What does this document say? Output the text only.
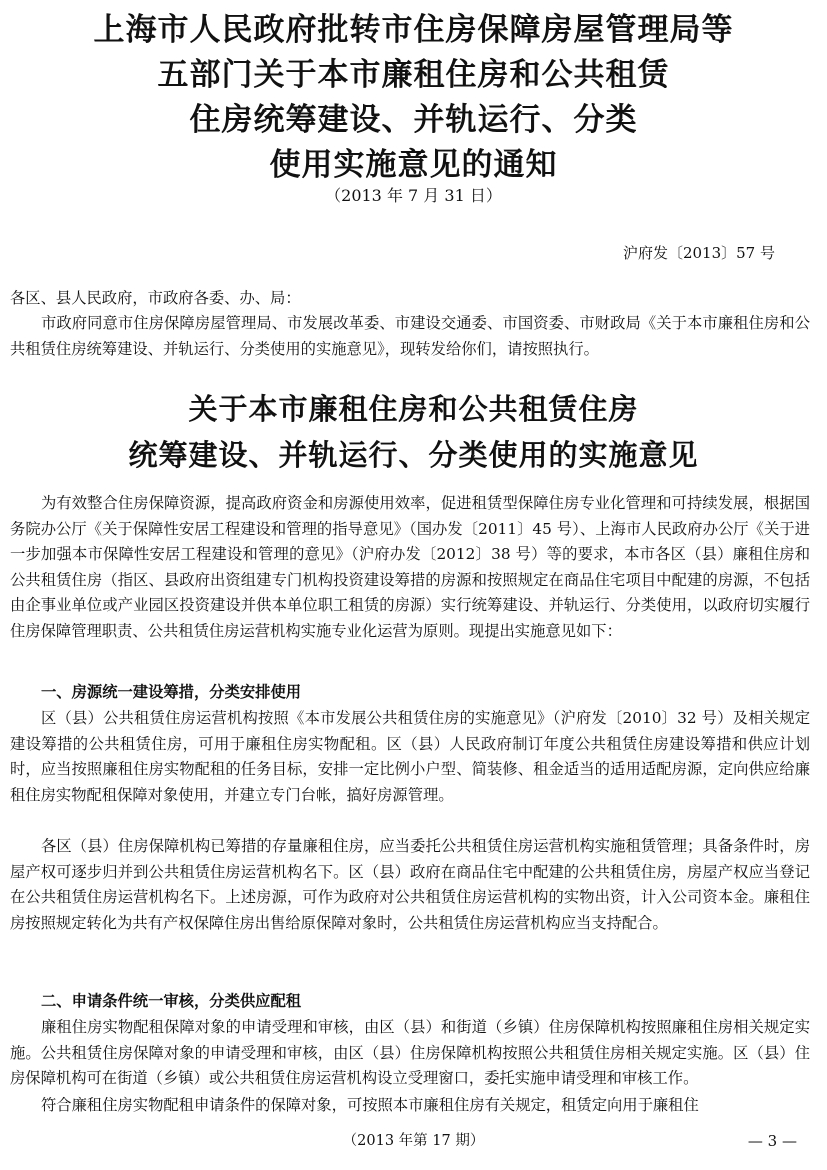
上海市人民政府批转市住房保障房屋管理局等
五部门关于本市廉租住房和公共租赁
住房统筹建设、并轨运行、分类
使用实施意见的通知
（2013 年 7 月 31 日）
沪府发〔2013〕57 号
各区、县人民政府，市政府各委、办、局：
市政府同意市住房保障房屋管理局、市发展改革委、市建设交通委、市国资委、市财政局《关于本市廉租住房和公共租赁住房统筹建设、并轨运行、分类使用的实施意见》，现转发给你们，请按照执行。
关于本市廉租住房和公共租赁住房
统筹建设、并轨运行、分类使用的实施意见
为有效整合住房保障资源，提高政府资金和房源使用效率，促进租赁型保障住房专业化管理和可持续发展，根据国务院办公厅《关于保障性安居工程建设和管理的指导意见》（国办发〔2011〕45 号）、上海市人民政府办公厅《关于进一步加强本市保障性安居工程建设和管理的意见》（沪府办发〔2012〕38 号）等的要求，本市各区（县）廉租住房和公共租赁住房（指区、县政府出资组建专门机构投资建设筹措的房源和按照规定在商品住宅项目中配建的房源，不包括由企事业单位或产业园区投资建设并供本单位职工租赁的房源）实行统筹建设、并轨运行、分类使用，以政府切实履行住房保障管理职责、公共租赁住房运营机构实施专业化运营为原则。现提出实施意见如下：
一、房源统一建设筹措，分类安排使用
区（县）公共租赁住房运营机构按照《本市发展公共租赁住房的实施意见》（沪府发〔2010〕32 号）及相关规定建设筹措的公共租赁住房，可用于廉租住房实物配租。区（县）人民政府制订年度公共租赁住房建设筹措和供应计划时，应当按照廉租住房实物配租的任务目标，安排一定比例小户型、简装修、租金适当的适用适配房源，定向供应给廉租住房实物配租保障对象使用，并建立专门台帐，搞好房源管理。
各区（县）住房保障机构已筹措的存量廉租住房，应当委托公共租赁住房运营机构实施租赁管理；具备条件时，房屋产权可逐步归并到公共租赁住房运营机构名下。区（县）政府在商品住宅中配建的公共租赁住房，房屋产权应当登记在公共租赁住房运营机构名下。上述房源，可作为政府对公共租赁住房运营机构的实物出资，计入公司资本金。廉租住房按照规定转化为共有产权保障住房出售给原保障对象时，公共租赁住房运营机构应当支持配合。
二、申请条件统一审核，分类供应配租
廉租住房实物配租保障对象的申请受理和审核，由区（县）和街道（乡镇）住房保障机构按照廉租住房相关规定实施。公共租赁住房保障对象的申请受理和审核，由区（县）住房保障机构按照公共租赁住房相关规定实施。区（县）住房保障机构可在街道（乡镇）或公共租赁住房运营机构设立受理窗口，委托实施申请受理和审核工作。
符合廉租住房实物配租申请条件的保障对象，可按照本市廉租住房有关规定，租赁定向用于廉租住
（2013 年第 17 期）	— 3 —
